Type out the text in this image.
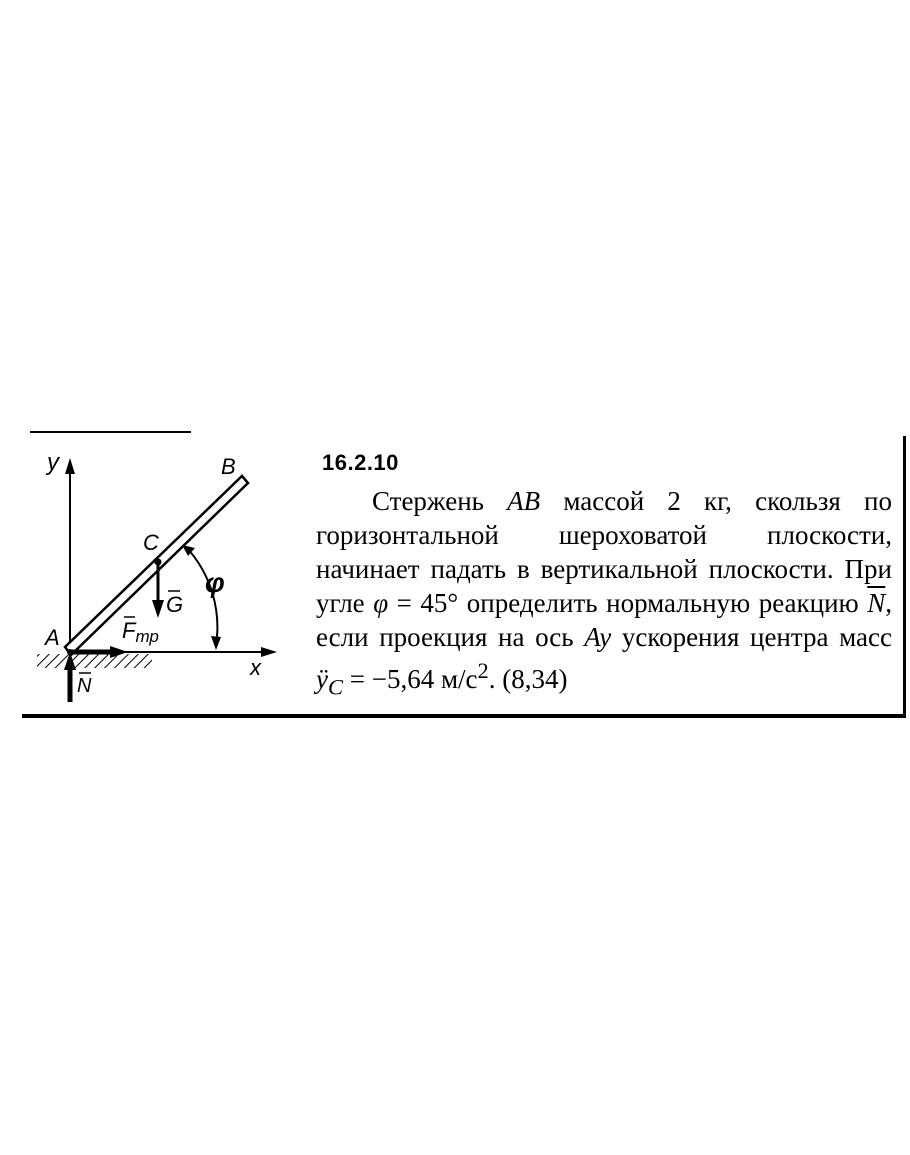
y
x
A
B
C
G
φ
Fтр
N
16.2.10
Стержень AB массой 2 кг, скользя по горизонтальной шероховатой плоскости, начинает падать в вертикальной плоскости. При угле φ = 45° определить нормальную реакцию $\overline{N}$, если проекция на ось Ay ускорения центра масс $ÿ_C = -5,64$ $м/с^2$. (8,34)
